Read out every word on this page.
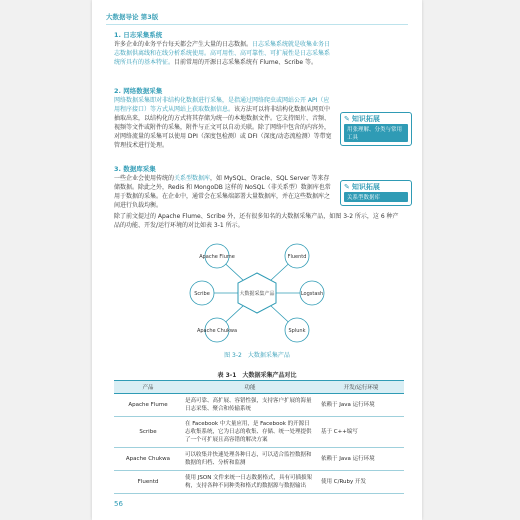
大数据导论 第3版
1. 日志采集系统
许多企业的业务平台每天都会产生大量的日志数据。日志采集系统就是收集业务日志数据供离线和在线分析系统使用。高可用性、高可靠性、可扩展性是日志采集系统所具有的基本特征。目前常用的开源日志采集系统有 Flume、Scribe 等。
2. 网络数据采集
网络数据采集即对非结构化数据进行采集，是指通过网络爬虫或网站公开 API（应用程序接口）等方式从网站上获取数据信息。该方法可以将非结构化数据从网页中抽取出来，以结构化的方式将其存储为统一的本地数据文件。它支持图片、音频、视频等文件或附件的采集，附件与正文可以自动关联。除了网络中包含的内容外，对网络流量的采集可以使用 DPI（深度包检测）或 DFI（深度/动态流检测）等带宽管理技术进行处理。
3. 数据库采集
一些企业会使用传统的关系型数据库，如 MySQL、Oracle、SQL Server 等来存储数据。除此之外，Redis 和 MongoDB 这样的 NoSQL（非关系型）数据库也常用于数据的采集。在企业中，通常会在采集端部署大量数据库，并在这些数据库之间进行负载均衡。
除了前文提过的 Apache Flume、Scribe 外，还有很多知名的大数据采集产品，如图 3-2 所示，这 6 种产品的功能、开发/运行环境的对比如表 3-1 所示。
✎ 知识拓展
用张理解、分类与常用工具
✎ 知识拓展
关系型数据库
大数据采集产品
Apache Flume	Fluentd
Logstash
Splunk
Apache Chukwa
Scribe
图 3-2　大数据采集产品
表 3-1　大数据采集产品对比
产品	功能	开发/运行环境
Apache Flume	是高可靠、高扩展、容错性强，支持客户扩展的海量日志采集、聚合和传输系统	依赖于 Java 运行环境
Scribe	在 Facebook 中大量应用，是 Facebook 的开源日志收集系统，它为日志的收集、存储、统一处理提供了一个可扩展且高容错的解决方案	基于 C++编写
Apache Chukwa	可以收集并快速处理各种日志，可以适合监控数据和数据的归档、分析和监测	依赖于 Java 运行环境
Fluentd	使用 JSON 文件来统一日志数据格式，具有可插拔架构，支持各种不同种类和格式的数据源与数据输出	使用 C/Ruby 开发
56
